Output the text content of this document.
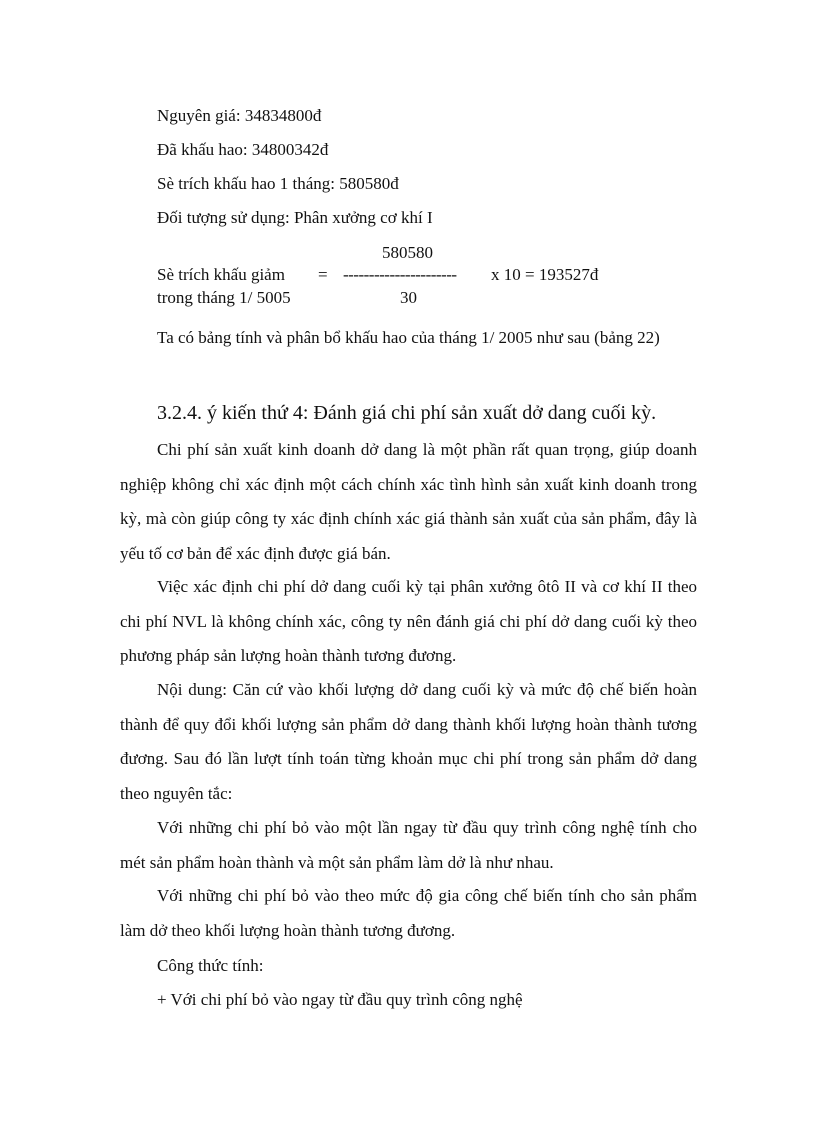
Nguyên giá: 34834800đ
Đã khấu hao: 34800342đ
Sè trích khấu hao 1 tháng: 580580đ
Đối tượng sử dụng: Phân xưởng cơ khí I
580580
Sè trích khấu giảm = ---------------------- x 10 = 193527đ
trong tháng 1/ 5005	30
Ta có bảng tính và phân bổ khấu hao của tháng 1/ 2005 như sau (bảng 22)
3.2.4. ý kiến thứ 4: Đánh giá chi phí sản xuất dở dang cuối kỳ.
Chi phí sản xuất kinh doanh dở dang là một phần rất quan trọng, giúp doanh nghiệp không chỉ xác định một cách chính xác tình hình sản xuất kinh doanh trong kỳ, mà còn giúp công ty xác định chính xác giá thành sản xuất của sản phẩm, đây là yếu tố cơ bản để xác định được giá bán.
Việc xác định chi phí dở dang cuối kỳ tại phân xưởng ôtô II và cơ khí II theo chi phí NVL là không chính xác, công ty nên đánh giá chi phí dở dang cuối kỳ theo phương pháp sản lượng hoàn thành tương đương.
Nội dung: Căn cứ vào khối lượng dở dang cuối kỳ và mức độ chế biến hoàn thành để quy đổi khối lượng sản phẩm dở dang thành khối lượng hoàn thành tương đương. Sau đó lần lượt tính toán từng khoản mục chi phí trong sản phẩm dở dang theo nguyên tắc:
Với những chi phí bỏ vào một lần ngay từ đầu quy trình công nghệ tính cho mét sản phẩm hoàn thành và một sản phẩm làm dở là như nhau.
Với những chi phí bỏ vào theo mức độ gia công chế biến tính cho sản phẩm làm dở theo khối lượng hoàn thành tương đương.
Công thức tính:
+ Với chi phí bỏ vào ngay từ đầu quy trình công nghệ
